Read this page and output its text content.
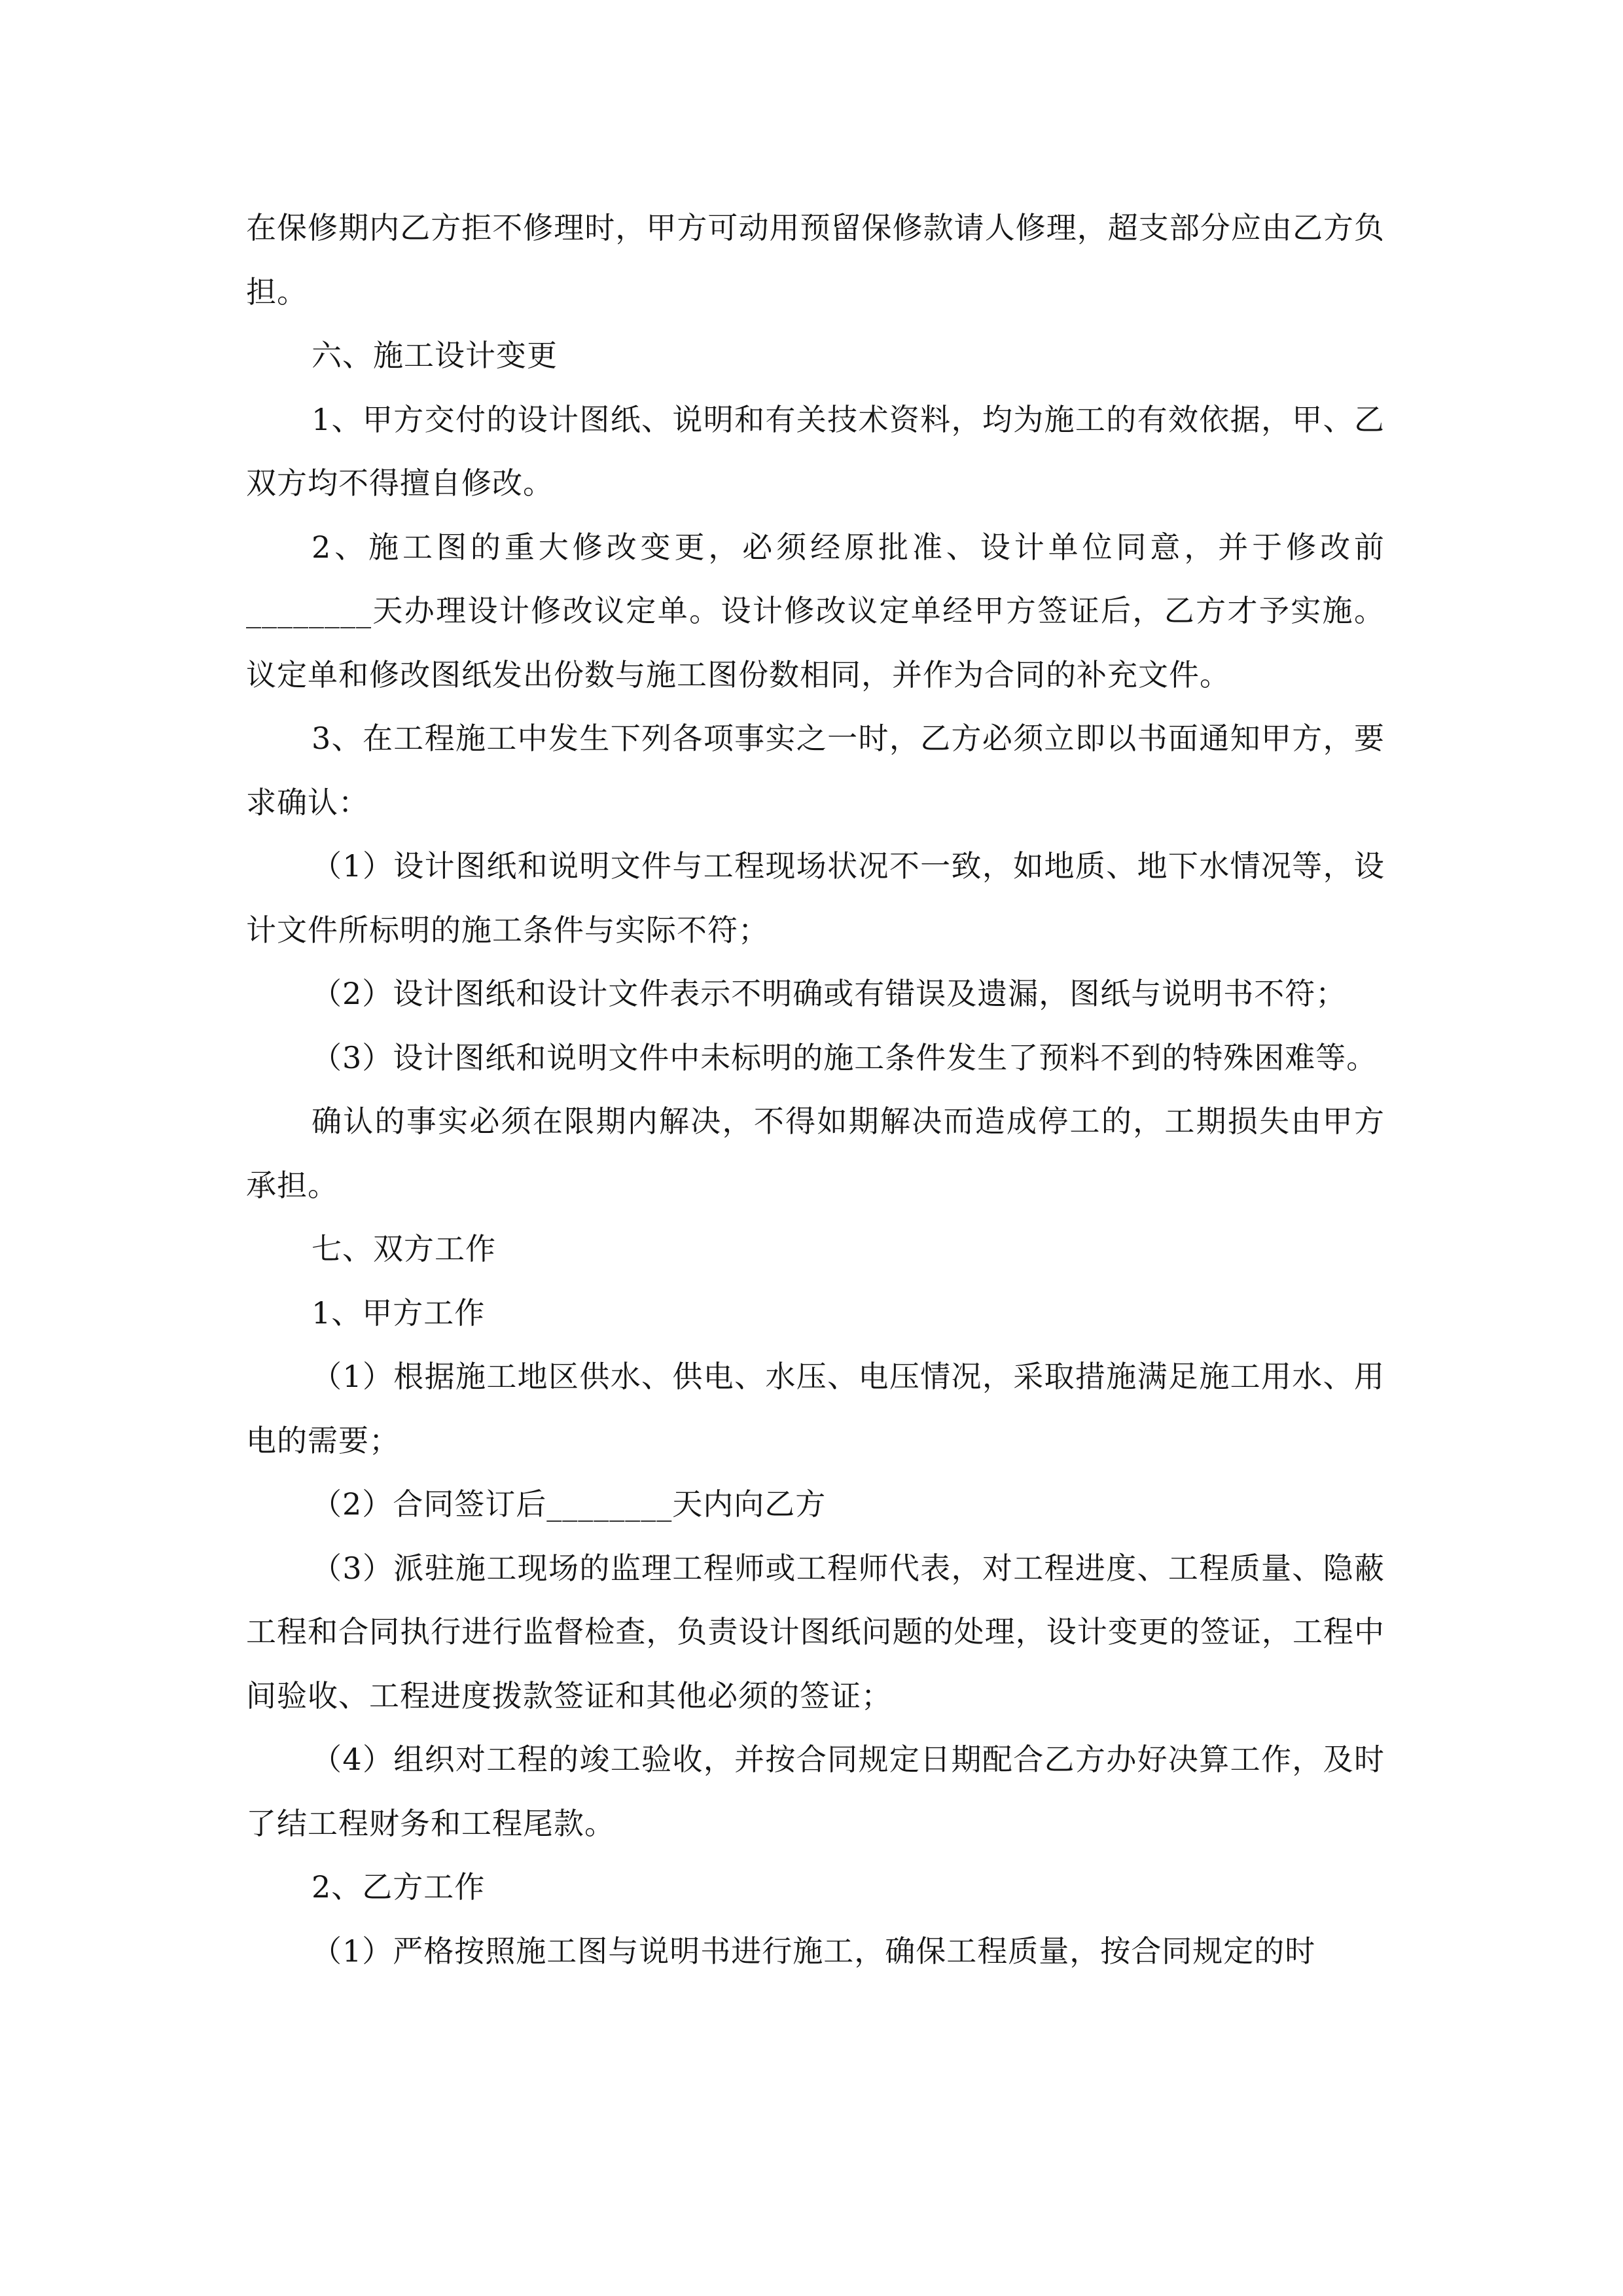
在保修期内乙方拒不修理时，甲方可动用预留保修款请人修理，超支部分应由乙方负担。

六、施工设计变更

1、甲方交付的设计图纸、说明和有关技术资料，均为施工的有效依据，甲、乙双方均不得擅自修改。

2、施工图的重大修改变更，必须经原批准、设计单位同意，并于修改前________天办理设计修改议定单。设计修改议定单经甲方签证后，乙方才予实施。议定单和修改图纸发出份数与施工图份数相同，并作为合同的补充文件。

3、在工程施工中发生下列各项事实之一时，乙方必须立即以书面通知甲方，要求确认：

（1）设计图纸和说明文件与工程现场状况不一致，如地质、地下水情况等，设计文件所标明的施工条件与实际不符；

（2）设计图纸和设计文件表示不明确或有错误及遗漏，图纸与说明书不符；

（3）设计图纸和说明文件中未标明的施工条件发生了预料不到的特殊困难等。

确认的事实必须在限期内解决，不得如期解决而造成停工的，工期损失由甲方承担。

七、双方工作

1、甲方工作

（1）根据施工地区供水、供电、水压、电压情况，采取措施满足施工用水、用电的需要；

（2）合同签订后________天内向乙方

（3）派驻施工现场的监理工程师或工程师代表，对工程进度、工程质量、隐蔽工程和合同执行进行监督检查，负责设计图纸问题的处理，设计变更的签证，工程中间验收、工程进度拨款签证和其他必须的签证；

（4）组织对工程的竣工验收，并按合同规定日期配合乙方办好决算工作，及时了结工程财务和工程尾款。

2、乙方工作

（1）严格按照施工图与说明书进行施工，确保工程质量，按合同规定的时
